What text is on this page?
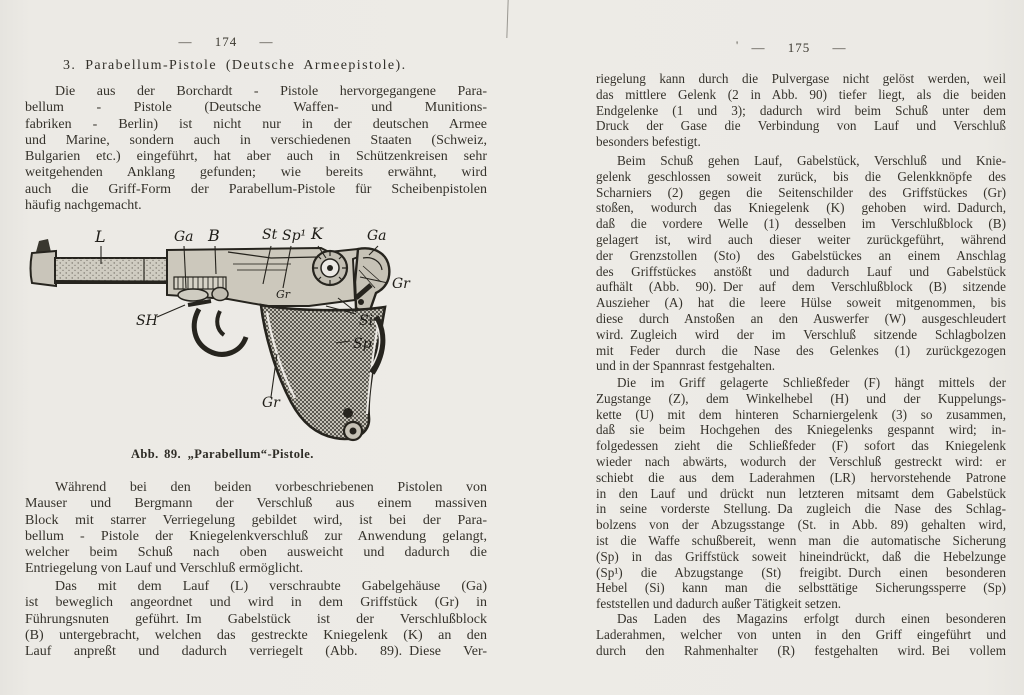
— 174 —
3. Parabellum-Pistole (Deutsche Armeepistole).
Die aus der Borchardt - Pistole hervorgegangene Para-
bellum - Pistole (Deutsche Waffen- und Munitions-
fabriken - Berlin) ist nicht nur in der deutschen Armee
und Marine, sondern auch in verschiedenen Staaten (Schweiz,
Bulgarien etc.) eingeführt, hat aber auch in Schützenkreisen sehr
weitgehenden Anklang gefunden; wie bereits erwähnt, wird
auch die Griff-Form der Parabellum-Pistole für Scheibenpistolen
häufig nachgemacht.
L	Ga B	St Sp¹ K	Ga
Gr
Gr
Si
Sp
SH
Gr
Abb. 89. „Parabellum“-Pistole.
Während bei den beiden vorbeschriebenen Pistolen von
Mauser und Bergmann der Verschluß aus einem massiven
Block mit starrer Verriegelung gebildet wird, ist bei der Para-
bellum - Pistole der Kniegelenkverschluß zur Anwendung gelangt,
welcher beim Schuß nach oben ausweicht und dadurch die
Entriegelung von Lauf und Verschluß ermöglicht.
Das mit dem Lauf (L) verschraubte Gabelgehäuse (Ga)
ist beweglich angeordnet und wird in dem Griffstück (Gr) in
Führungsnuten geführt. Im Gabelstück ist der Verschlußblock
(B) untergebracht, welchen das gestreckte Kniegelenk (K) an den
Lauf anpreßt und dadurch verriegelt (Abb. 89). Diese Ver-
' — 175 —
riegelung kann durch die Pulvergase nicht gelöst werden, weil
das mittlere Gelenk (2 in Abb. 90) tiefer liegt, als die beiden
Endgelenke (1 und 3); dadurch wird beim Schuß unter dem
Druck der Gase die Verbindung von Lauf und Verschluß
besonders befestigt.
Beim Schuß gehen Lauf, Gabelstück, Verschluß und Knie-
gelenk geschlossen soweit zurück, bis die Gelenkknöpfe des
Scharniers (2) gegen die Seitenschilder des Griffstückes (Gr)
stoßen, wodurch das Kniegelenk (K) gehoben wird. Dadurch,
daß die vordere Welle (1) desselben im Verschlußblock (B)
gelagert ist, wird auch dieser weiter zurückgeführt, während
der Grenzstollen (Sto) des Gabelstückes an einem Anschlag
des Griffstückes anstößt und dadurch Lauf und Gabelstück
aufhält (Abb. 90). Der auf dem Verschlußblock (B) sitzende
Auszieher (A) hat die leere Hülse soweit mitgenommen, bis
diese durch Anstoßen an den Auswerfer (W) ausgeschleudert
wird. Zugleich wird der im Verschluß sitzende Schlagbolzen
mit Feder durch die Nase des Gelenkes (1) zurückgezogen
und in der Spannrast festgehalten.
Die im Griff gelagerte Schließfeder (F) hängt mittels der
Zugstange (Z), dem Winkelhebel (H) und der Kuppelungs-
kette (U) mit dem hinteren Scharniergelenk (3) so zusammen,
daß sie beim Hochgehen des Kniegelenks gespannt wird; in-
folgedessen zieht die Schließfeder (F) sofort das Kniegelenk
wieder nach abwärts, wodurch der Verschluß gestreckt wird: er
schiebt die aus dem Laderahmen (LR) hervorstehende Patrone
in den Lauf und drückt nun letzteren mitsamt dem Gabelstück
in seine vorderste Stellung. Da zugleich die Nase des Schlag-
bolzens von der Abzugsstange (St. in Abb. 89) gehalten wird,
ist die Waffe schußbereit, wenn man die automatische Sicherung
(Sp) in das Griffstück soweit hineindrückt, daß die Hebelzunge
(Sp¹) die Abzugstange (St) freigibt. Durch einen besonderen
Hebel (Si) kann man die selbsttätige Sicherungssperre (Sp)
feststellen und dadurch außer Tätigkeit setzen.
Das Laden des Magazins erfolgt durch einen besonderen
Laderahmen, welcher von unten in den Griff eingeführt und
durch den Rahmenhalter (R) festgehalten wird. Bei vollem
